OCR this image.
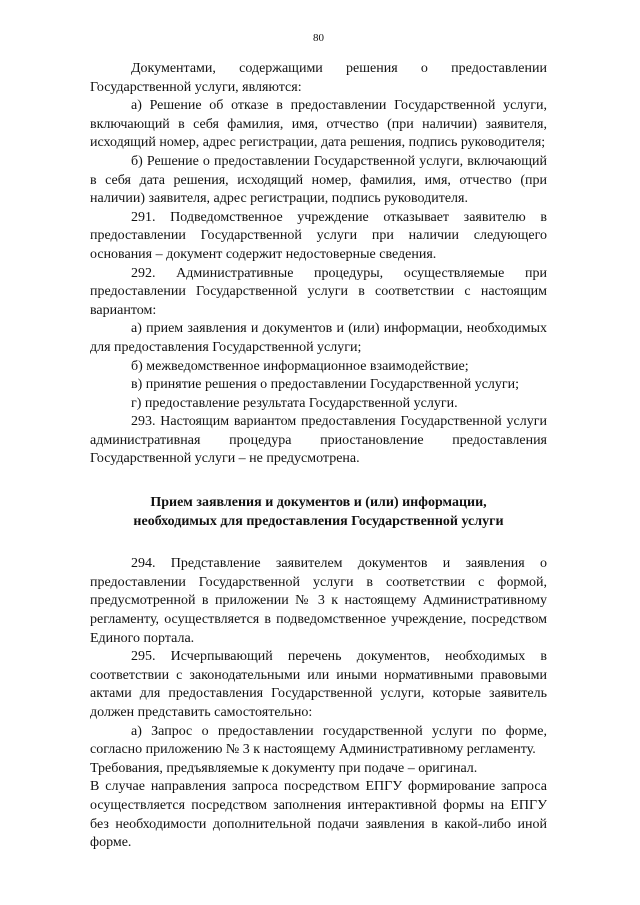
80

Документами, содержащими решения о предоставлении Государственной услуги, являются:

а) Решение об отказе в предоставлении Государственной услуги, включающий в себя фамилия, имя, отчество (при наличии) заявителя, исходящий номер, адрес регистрации, дата решения, подпись руководителя;

б) Решение о предоставлении Государственной услуги, включающий в себя дата решения, исходящий номер, фамилия, имя, отчество (при наличии) заявителя, адрес регистрации, подпись руководителя.

291. Подведомственное учреждение отказывает заявителю в предоставлении Государственной услуги при наличии следующего основания – документ содержит недостоверные сведения.

292. Административные процедуры, осуществляемые при предоставлении Государственной услуги в соответствии с настоящим вариантом:

а) прием заявления и документов и (или) информации, необходимых для предоставления Государственной услуги;

б) межведомственное информационное взаимодействие;

в) принятие решения о предоставлении Государственной услуги;

г) предоставление результата Государственной услуги.

293. Настоящим вариантом предоставления Государственной услуги административная процедура приостановление предоставления Государственной услуги – не предусмотрена.

Прием заявления и документов и (или) информации,

необходимых для предоставления Государственной услуги

294. Представление заявителем документов и заявления о предоставлении Государственной услуги в соответствии с формой, предусмотренной в приложении № 3 к настоящему Административному регламенту, осуществляется в подведомственное учреждение, посредством Единого портала.

295. Исчерпывающий перечень документов, необходимых в соответствии с законодательными или иными нормативными правовыми актами для предоставления Государственной услуги, которые заявитель должен представить самостоятельно:

а) Запрос о предоставлении государственной услуги по форме, согласно приложению № 3 к настоящему Административному регламенту.

Требования, предъявляемые к документу при подаче – оригинал.

В случае направления запроса посредством ЕПГУ формирование запроса осуществляется посредством заполнения интерактивной формы на ЕПГУ без необходимости дополнительной подачи заявления в какой-либо иной форме.
